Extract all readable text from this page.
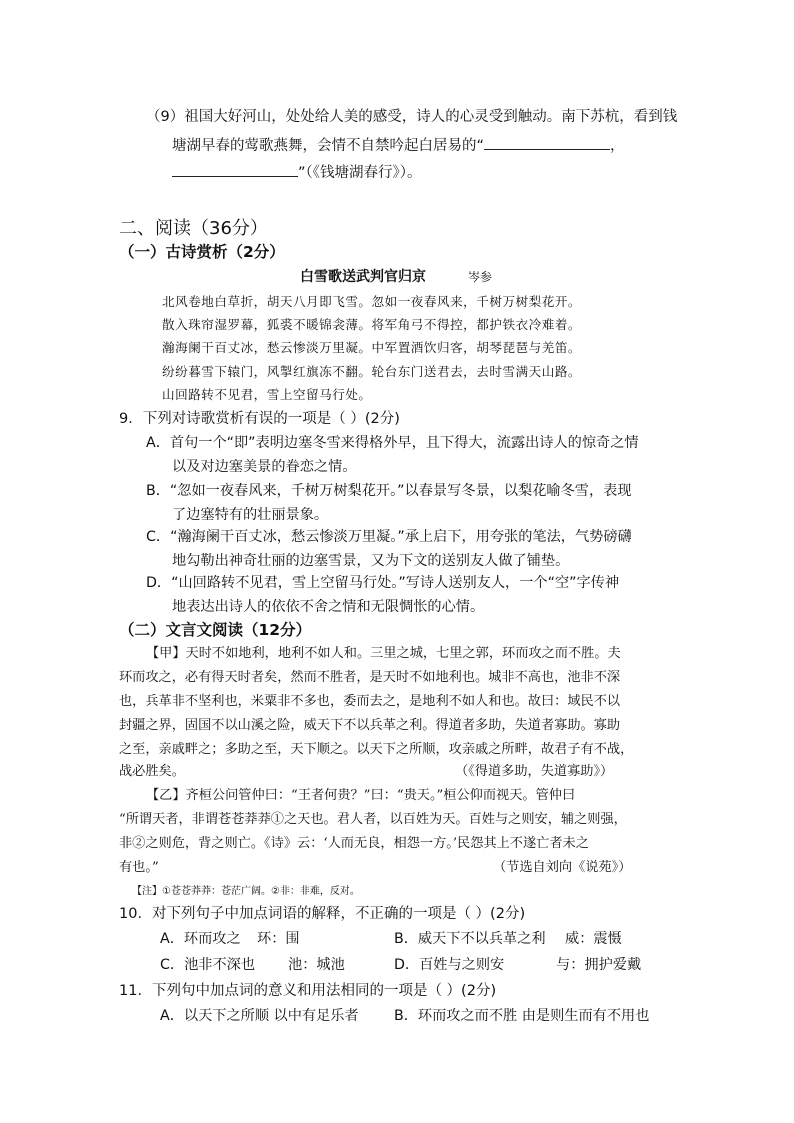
（9）祖国大好河山，处处给人美的感受，诗人的心灵受到触动。南下苏杭，看到钱
塘湖早春的莺歌燕舞，会情不自禁吟起白居易的“	，
”（《钱塘湖春行》）。
二、阅读（36分）
（一）古诗赏析（2分）
白雪歌送武判官归京	岑参
北风卷地白草折，胡天八月即飞雪。忽如一夜春风来，千树万树梨花开。
散入珠帘湿罗幕，狐裘不暖锦衾薄。将军角弓不得控，都护铁衣冷难着。
瀚海阑干百丈冰，愁云惨淡万里凝。中军置酒饮归客，胡琴琵琶与羌笛。
纷纷暮雪下辕门，风掣红旗冻不翻。轮台东门送君去，去时雪满天山路。
山回路转不见君，雪上空留马行处。
9．下列对诗歌赏析有误的一项是（ ）(2分)
A．首句一个“即”表明边塞冬雪来得格外早，且下得大，流露出诗人的惊奇之情
以及对边塞美景的眷恋之情。
B．“忽如一夜春风来，千树万树梨花开。”以春景写冬景，以梨花喻冬雪，表现
了边塞特有的壮丽景象。
C．“瀚海阑干百丈冰，愁云惨淡万里凝。”承上启下，用夸张的笔法，气势磅礴
地勾勒出神奇壮丽的边塞雪景，又为下文的送别友人做了铺垫。
D．“山回路转不见君，雪上空留马行处。”写诗人送别友人，一个“空”字传神
地表达出诗人的依依不舍之情和无限惆怅的心情。
（二）文言文阅读（12分）
【甲】天时不如地利，地利不如人和。三里之城，七里之郭，环而攻之而不胜。夫
环而攻之，必有得天时者矣，然而不胜者，是天时不如地利也。城非不高也，池非不深
也，兵革非不坚利也，米粟非不多也，委而去之，是地利不如人和也。故曰：域民不以
封疆之界，固国不以山溪之险，威天下不以兵革之利。得道者多助，失道者寡助。寡助
之至，亲戚畔之；多助之至，天下顺之。以天下之所顺，攻亲戚之所畔，故君子有不战，
战必胜矣。	（《得道多助，失道寡助》）
【乙】齐桓公问管仲曰：“王者何贵？”曰：“贵天。”桓公仰而视天。管仲曰
“所谓天者，非谓苍苍莽莽①之天也。君人者，以百姓为天。百姓与之则安，辅之则强，
非②之则危，背之则亡。《诗》云：‘人而无良，相怨一方。’民怨其上不遂亡者未之
有也。”	（节选自刘向《说苑》）
【注】①苍苍莽莽：苍茫广阔。②非：非难，反对。
10．对下列句子中加点词语的解释，不正确的一项是（ ）(2分)
A．环而攻之 环：围	B．威天下不以兵革之利 威：震慑
C．池非不深也 池：城池	D．百姓与之则安	与：拥护爱戴
11．下列句中加点词的意义和用法相同的一项是（ ）(2分)
A．以天下之所顺 以中有足乐者 B．环而攻之而不胜 由是则生而有不用也
